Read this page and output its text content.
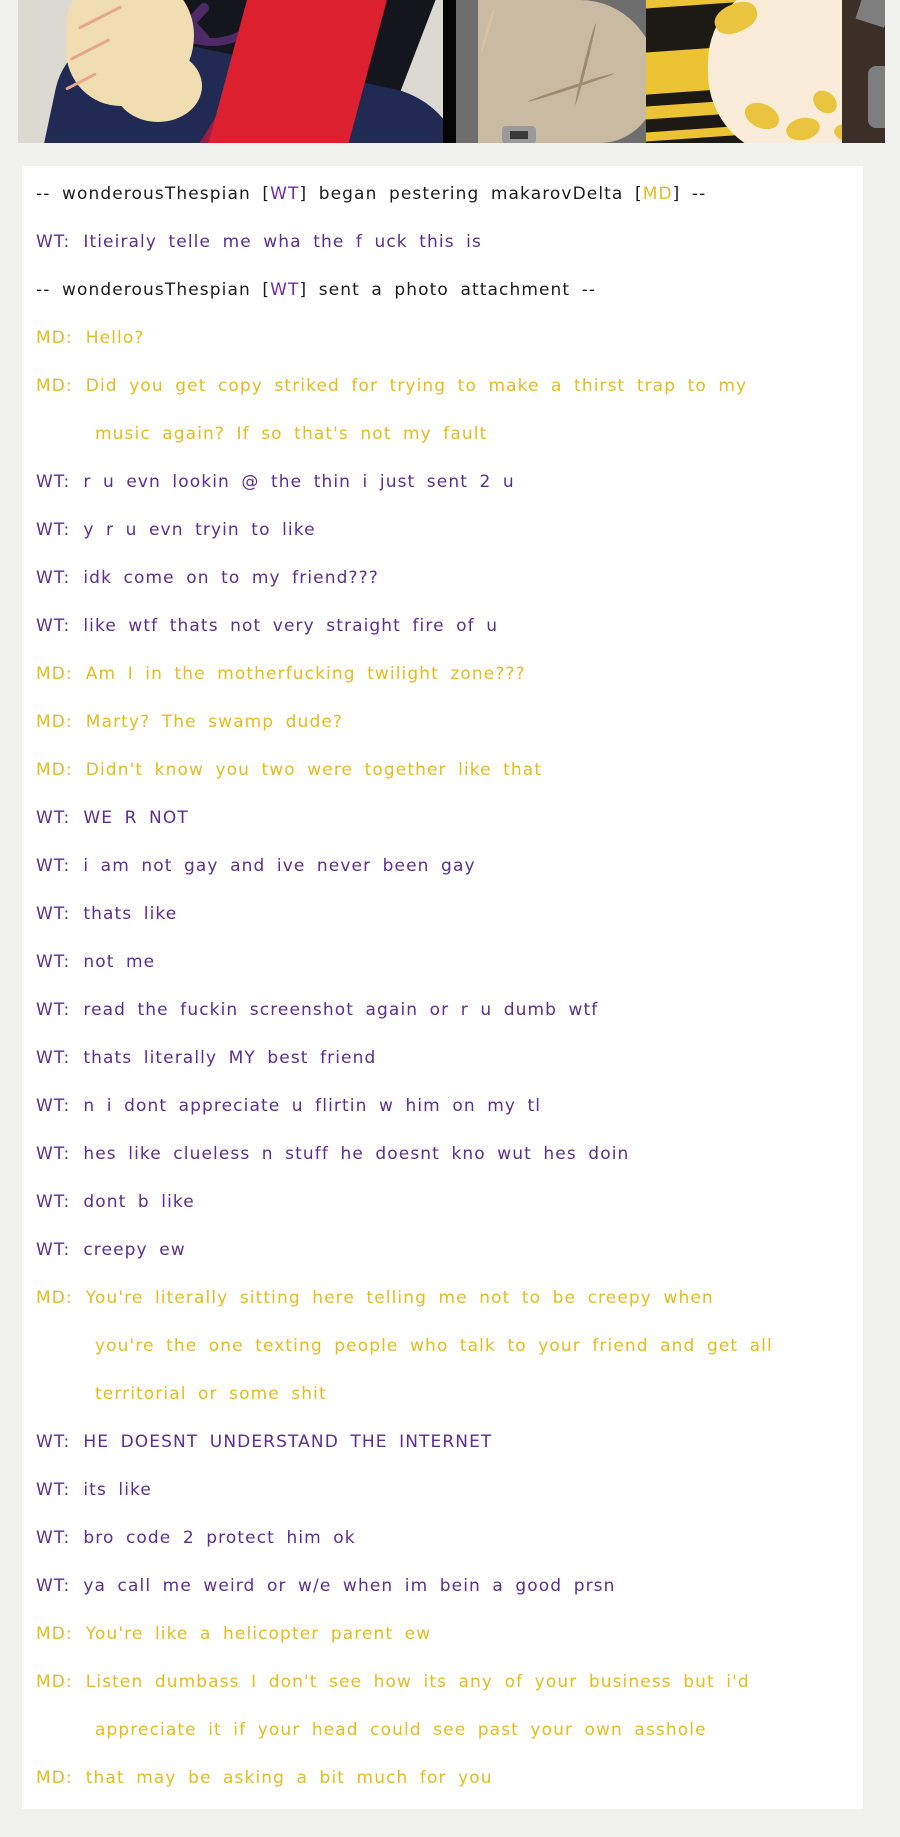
-- wonderousThespian [WT] began pestering makarovDelta [MD] --
WT: Itieiraly telle me wha the f uck this is
-- wonderousThespian [WT] sent a photo attachment --
MD: Hello?
MD: Did you get copy striked for trying to make a thirst trap to my
music again? If so that's not my fault
WT: r u evn lookin @ the thin i just sent 2 u
WT: y r u evn tryin to like
WT: idk come on to my friend???
WT: like wtf thats not very straight fire of u
MD: Am I in the motherfucking twilight zone???
MD: Marty? The swamp dude?
MD: Didn't know you two were together like that
WT: WE R NOT
WT: i am not gay and ive never been gay
WT: thats like
WT: not me
WT: read the fuckin screenshot again or r u dumb wtf
WT: thats literally MY best friend
WT: n i dont appreciate u flirtin w him on my tl
WT: hes like clueless n stuff he doesnt kno wut hes doin
WT: dont b like
WT: creepy ew
MD: You're literally sitting here telling me not to be creepy when
you're the one texting people who talk to your friend and get all
territorial or some shit
WT: HE DOESNT UNDERSTAND THE INTERNET
WT: its like
WT: bro code 2 protect him ok
WT: ya call me weird or w/e when im bein a good prsn
MD: You're like a helicopter parent ew
MD: Listen dumbass I don't see how its any of your business but i'd
appreciate it if your head could see past your own asshole
MD: that may be asking a bit much for you
